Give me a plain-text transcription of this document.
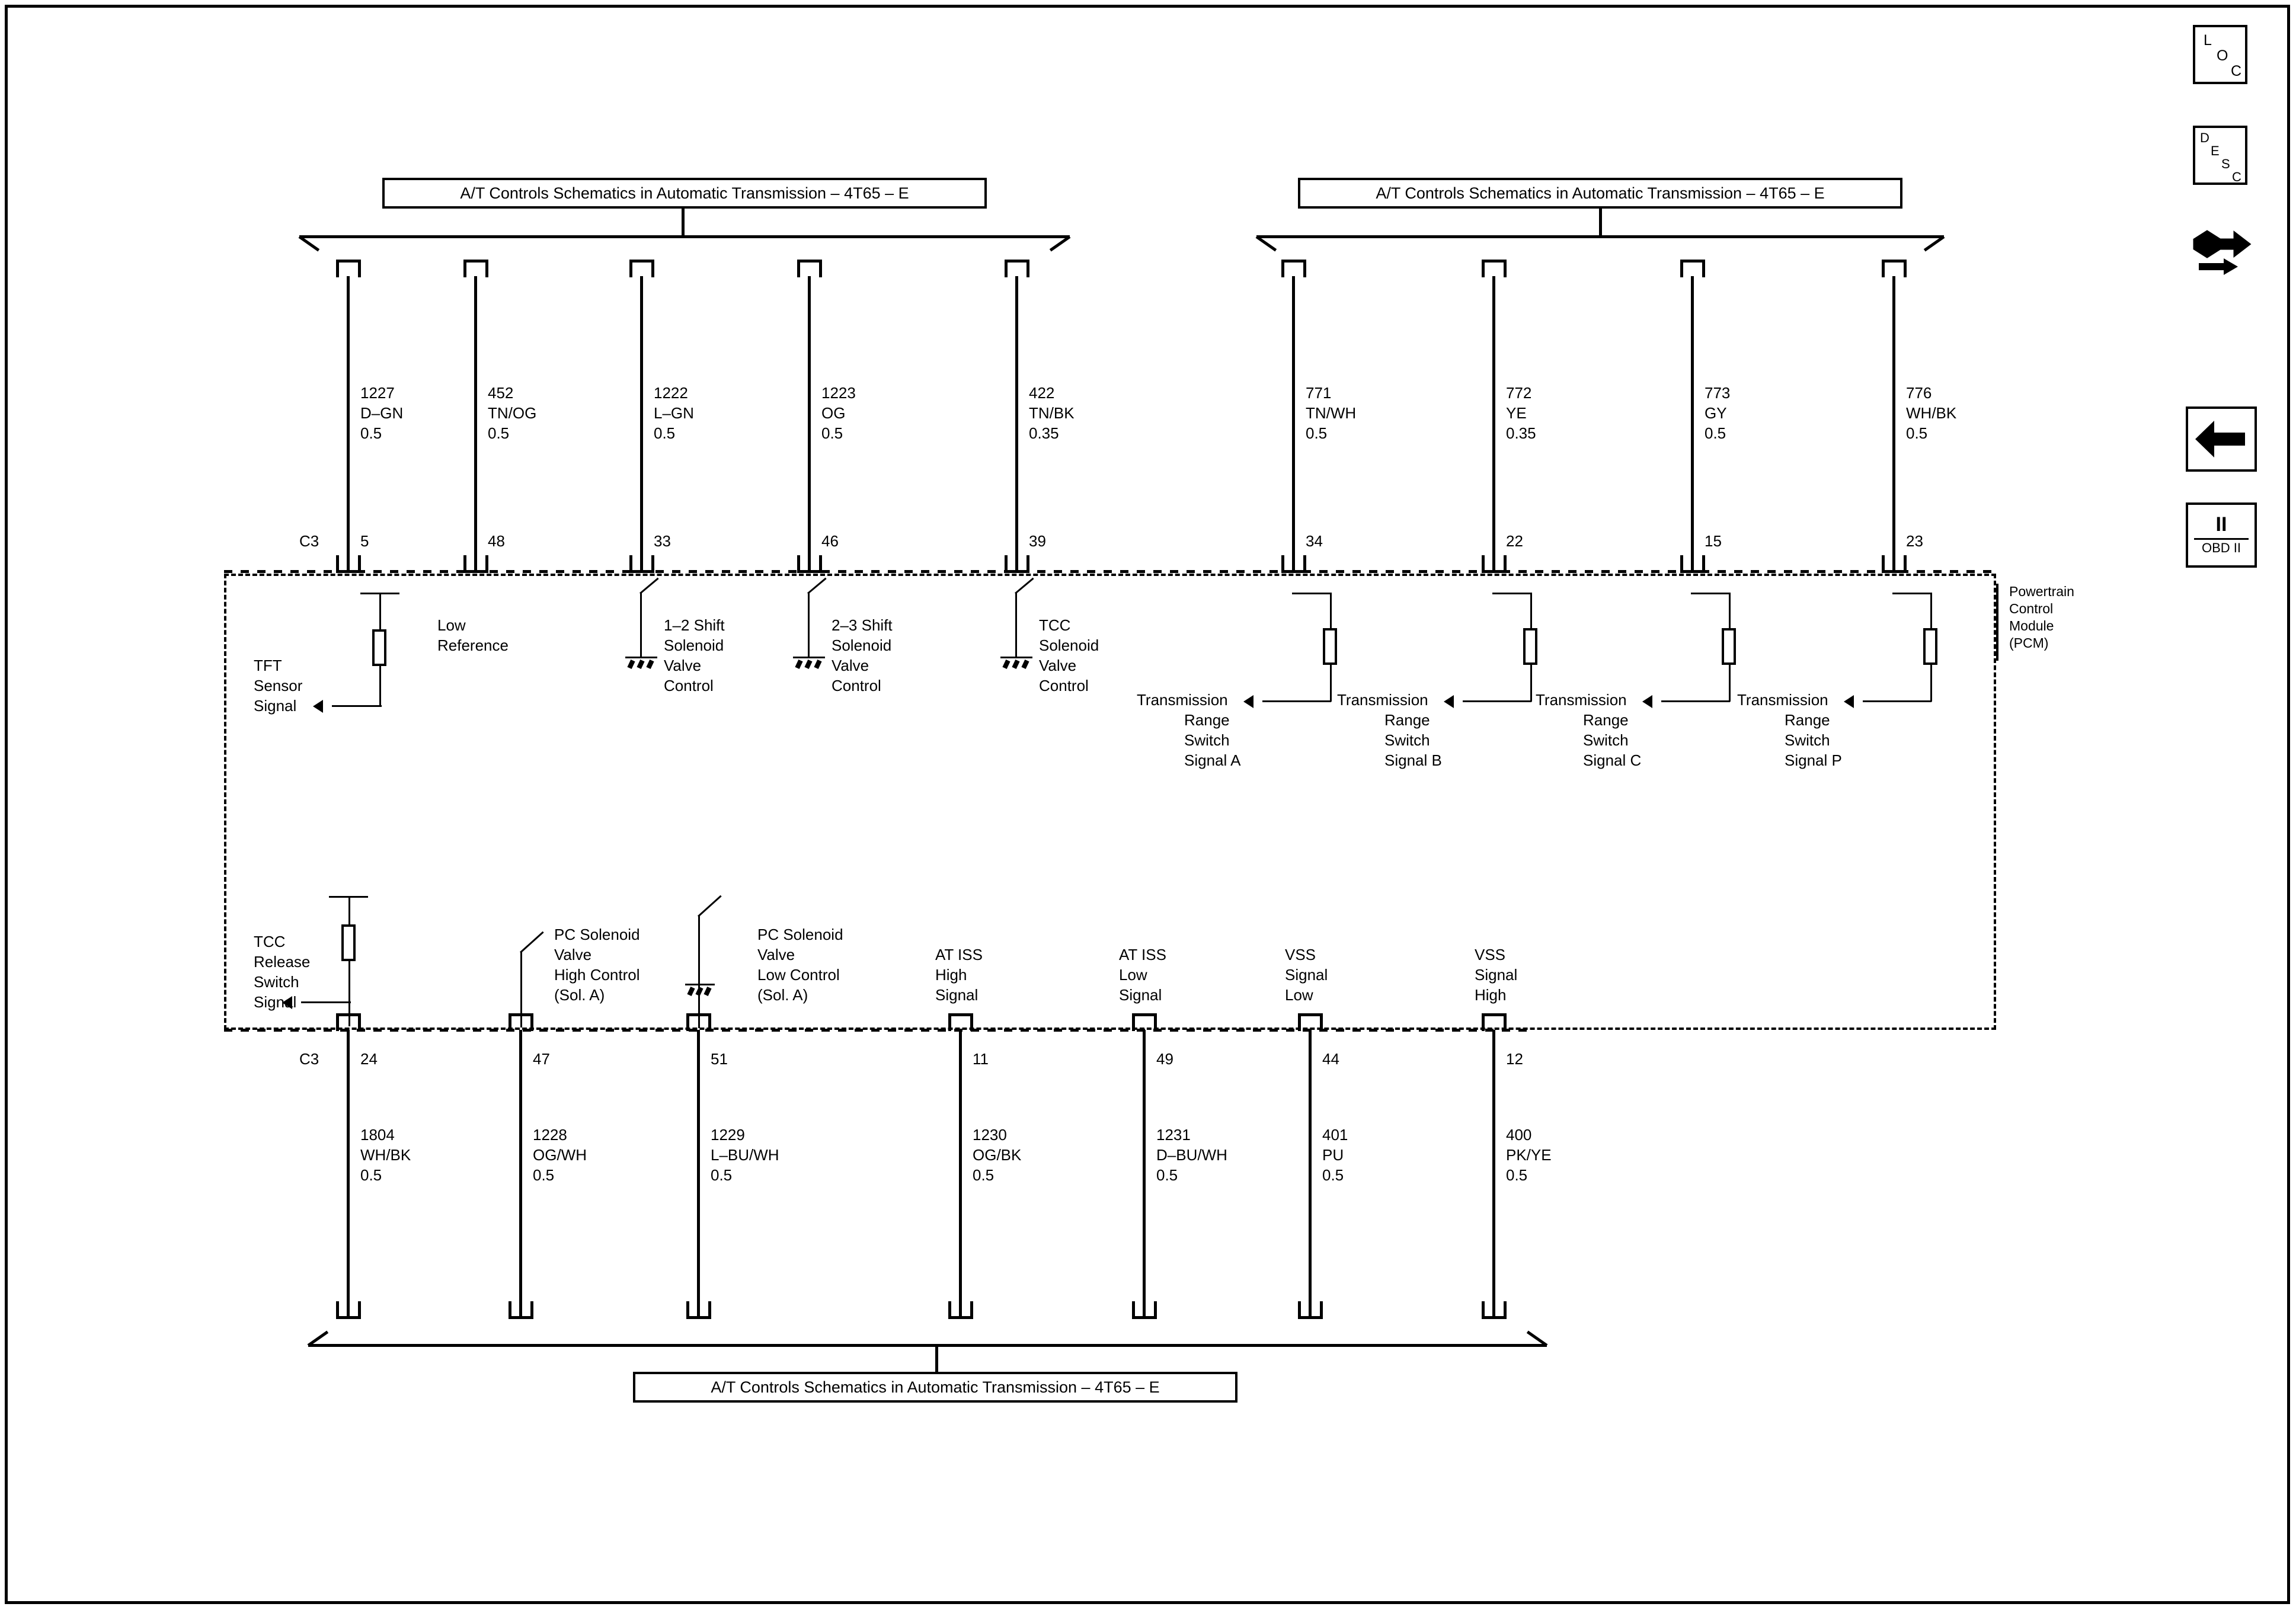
A/T Controls Schematics in Automatic Transmission – 4T65 – E	A/T Controls Schematics in Automatic Transmission – 4T65 – E
1227
D–GN
0.5
5
452
TN/OG
0.5
48
1222
L–GN
0.5
33
1223
OG
0.5
46
422
TN/BK
0.35
39
771
TN/WH
0.5
34
772
YE
0.35
22
773
GY
0.5
15
776
WH/BK
0.5
23
C3
Powertrain
Control
Module
(PCM)
TFT
Sensor
Signal
Low
Reference
1–2 Shift
Solenoid
Valve
Control
2–3 Shift
Solenoid
Valve
Control
TCC
Solenoid
Valve
Control
Transmission
Range
Switch
Signal A
Transmission
Range
Switch
Signal B
Transmission
Range
Switch
Signal C
Transmission
Range
Switch
Signal P
TCC
Release
Switch
Signal
PC Solenoid
Valve
High Control
(Sol. A)
PC Solenoid
Valve
Low Control
(Sol. A)
AT ISS
High
Signal
AT ISS
Low
Signal
VSS
Signal
Low
VSS
Signal
High
C3	24
1804
WH/BK
0.5
47
1228
OG/WH
0.5
51
1229
L–BU/WH
0.5
11
1230
OG/BK
0.5
49
1231
D–BU/WH
0.5
44
401
PU
0.5
12
400
PK/YE
0.5
A/T Controls Schematics in Automatic Transmission – 4T65 – E
L
O
C
D
E
S
C
II
OBD II
